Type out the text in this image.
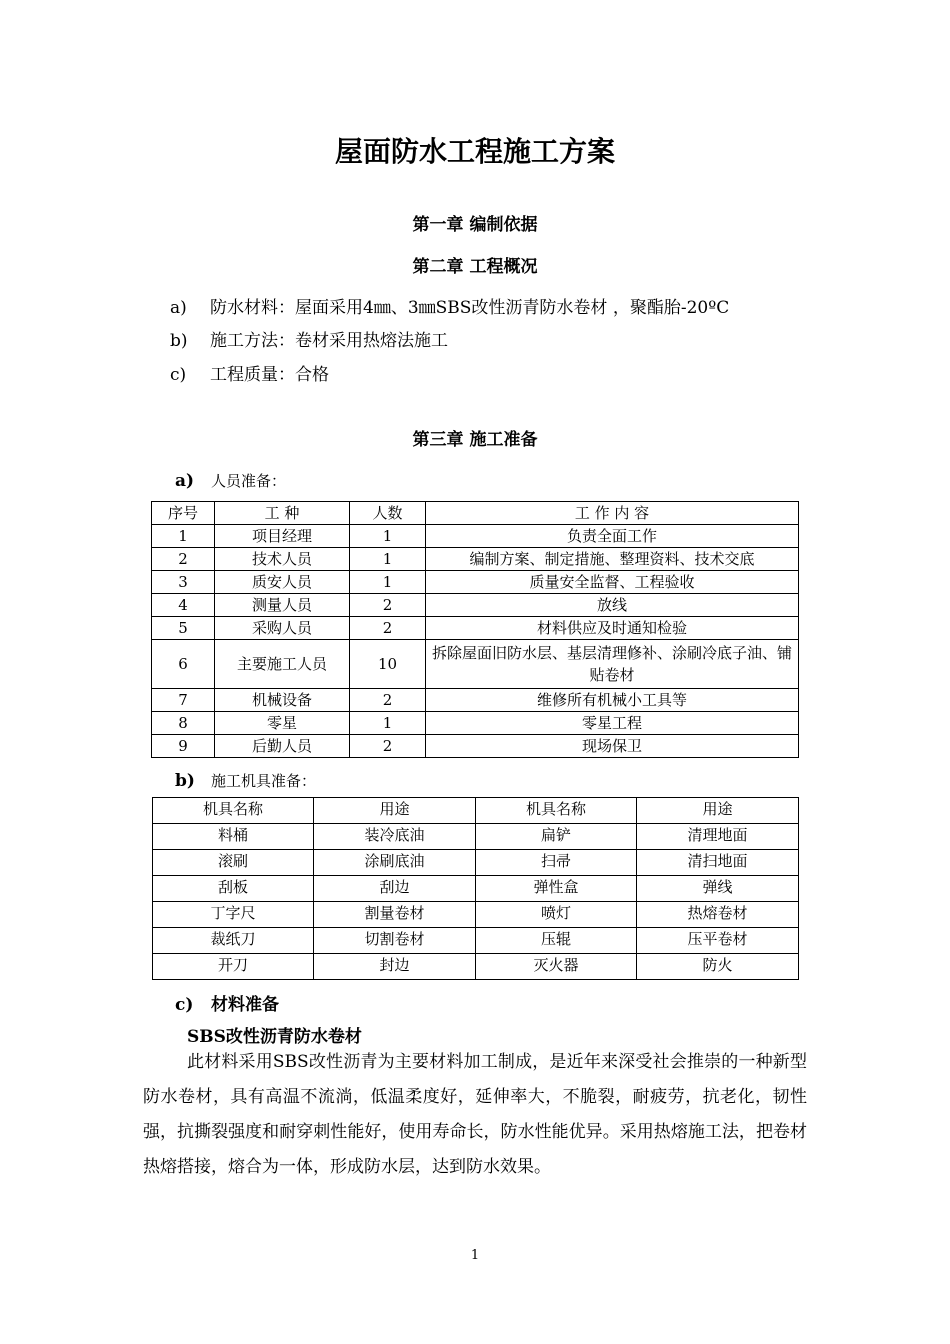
屋面防水工程施工方案
第一章 编制依据
第二章 工程概况
a) 防水材料：屋面采用4㎜、3㎜SBS改性沥青防水卷材 ，聚酯胎-20ºC
b) 施工方法：卷材采用热熔法施工
c) 工程质量：合格
第三章 施工准备
a) 人员准备：
序号	工 种	人数	工 作 内 容
1	项目经理	1	负责全面工作
2	技术人员	1	编制方案、制定措施、整理资料、技术交底
3	质安人员	1	质量安全监督、工程验收
4	测量人员	2	放线
5	采购人员	2	材料供应及时通知检验
6	主要施工人员	10	拆除屋面旧防水层、基层清理修补、涂刷冷底子油、铺贴卷材
7	机械设备	2	维修所有机械小工具等
8	零星	1	零星工程
9	后勤人员	2	现场保卫
b) 施工机具准备：
机具名称	用途	机具名称	用途
料桶	装冷底油	扁铲	清理地面
滚刷	涂刷底油	扫帚	清扫地面
刮板	刮边	弹性盒	弹线
丁字尺	割量卷材	喷灯	热熔卷材
裁纸刀	切割卷材	压辊	压平卷材
开刀	封边	灭火器	防火
c) 材料准备
SBS改性沥青防水卷材
此材料采用SBS改性沥青为主要材料加工制成，是近年来深受社会推崇的一种新型防水卷材，具有高温不流淌，低温柔度好，延伸率大，不脆裂，耐疲劳，抗老化，韧性强，抗撕裂强度和耐穿刺性能好，使用寿命长，防水性能优异。采用热熔施工法，把卷材热熔搭接，熔合为一体，形成防水层，达到防水效果。
1
